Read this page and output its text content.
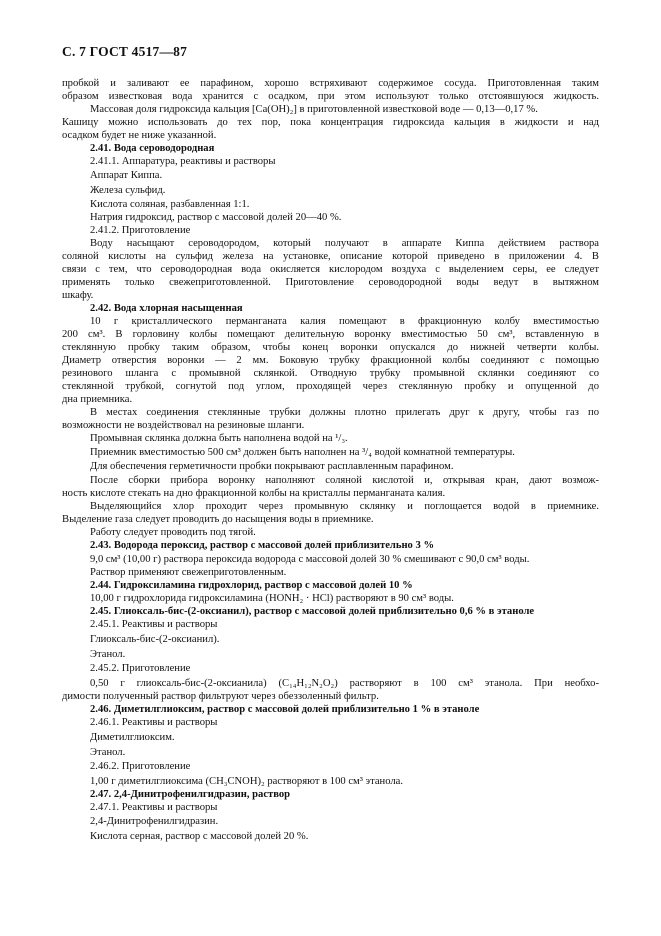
С. 7 ГОСТ 4517—87
пробкой и заливают ее парафином, хорошо встряхивают содержимое сосуда. Приготовленная таким
образом известковая вода хранится с осадком, при этом используют только отстоявшуюся жидкость.
Массовая доля гидроксида кальция [Ca(OH)₂] в приготовленной известковой воде — 0,13—0,17 %.
Кашицу можно использовать до тех пор, пока концентрация гидроксида кальция в жидкости и над
осадком будет не ниже указанной.
2.41. Вода сероводородная
2.41.1. Аппаратура, реактивы и растворы
Аппарат Киппа.
Железа сульфид.
Кислота соляная, разбавленная 1:1.
Натрия гидроксид, раствор с массовой долей 20—40 %.
2.41.2. Приготовление
Воду насыщают сероводородом, который получают в аппарате Киппа действием раствора
соляной кислоты на сульфид железа на установке, описание которой приведено в приложении 4. В
связи с тем, что сероводородная вода окисляется кислородом воздуха с выделением серы, ее следует
применять только свежеприготовленной. Приготовление сероводородной воды ведут в вытяжном
шкафу.
2.42. Вода хлорная насыщенная
10 г кристаллического перманганата калия помещают в фракционную колбу вместимостью
200 см³. В горловину колбы помещают делительную воронку вместимостью 50 см³, вставленную в
стеклянную пробку таким образом, чтобы конец воронки опускался до нижней четверти колбы.
Диаметр отверстия воронки — 2 мм. Боковую трубку фракционной колбы соединяют с помощью
резинового шланга с промывной склянкой. Отводную трубку промывной склянки соединяют со
стеклянной трубкой, согнутой под углом, проходящей через стеклянную пробку и опущенной до
дна приемника.
В местах соединения стеклянные трубки должны плотно прилегать друг к другу, чтобы газ по
возможности не воздействовал на резиновые шланги.
Промывная склянка должна быть наполнена водой на ¹/₃.
Приемник вместимостью 500 см³ должен быть наполнен на ³/₄ водой комнатной температуры.
Для обеспечения герметичности пробки покрывают расплавленным парафином.
После сборки прибора воронку наполняют соляной кислотой и, открывая кран, дают возмож-
ность кислоте стекать на дно фракционной колбы на кристаллы перманганата калия.
Выделяющийся хлор проходит через промывную склянку и поглощается водой в приемнике.
Выделение газа следует проводить до насыщения воды в приемнике.
Работу следует проводить под тягой.
2.43. Водорода пероксид, раствор с массовой долей приблизительно 3 %
9,0 см³ (10,00 г) раствора пероксида водорода с массовой долей 30 % смешивают с 90,0 см³ воды.
Раствор применяют свежеприготовленным.
2.44. Гидроксиламина гидрохлорид, раствор с массовой долей 10 %
10,00 г гидрохлорида гидроксиламина (HONH₂ · HCl) растворяют в 90 см³ воды.
2.45. Глиоксаль-бис-(2-оксианил), раствор с массовой долей приблизительно 0,6 % в этаноле
2.45.1. Реактивы и растворы
Глиоксаль-бис-(2-оксианил).
Этанол.
2.45.2. Приготовление
0,50 г глиоксаль-бис-(2-оксианила) (C₁₄H₁₂N₂O₂) растворяют в 100 см³ этанола. При необхо-
димости полученный раствор фильтруют через обеззоленный фильтр.
2.46. Диметилглиоксим, раствор с массовой долей приблизительно 1 % в этаноле
2.46.1. Реактивы и растворы
Диметилглиоксим.
Этанол.
2.46.2. Приготовление
1,00 г диметилглиоксима (CH₃CNOH)₂ растворяют в 100 см³ этанола.
2.47. 2,4-Динитрофенилгидразин, раствор
2.47.1. Реактивы и растворы
2,4-Динитрофенилгидразин.
Кислота серная, раствор с массовой долей 20 %.
